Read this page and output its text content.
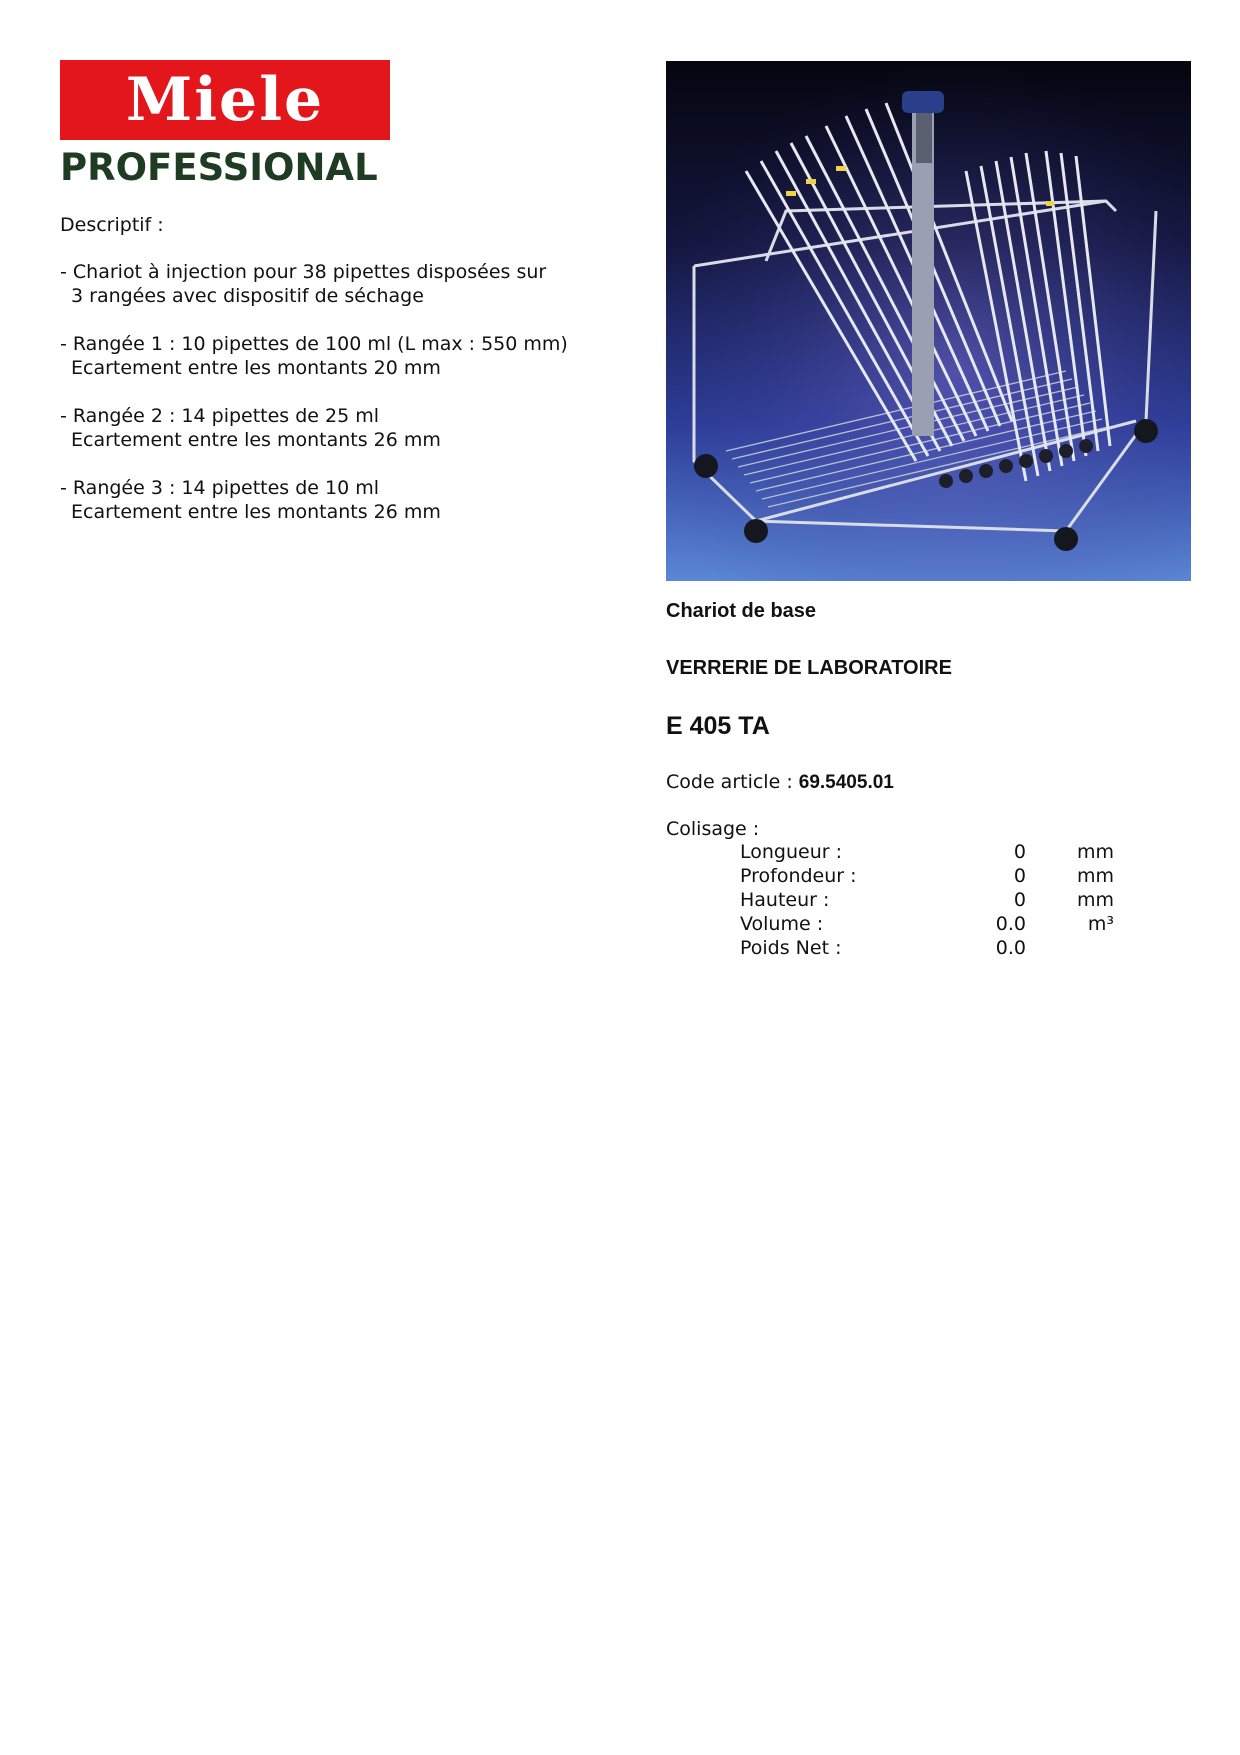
Miele
PROFESSIONAL
Descriptif :
- Chariot à injection pour 38 pipettes disposées sur
3 rangées avec dispositif de séchage
- Rangée 1 : 10 pipettes de 100 ml (L max : 550 mm)
Ecartement entre les montants 20 mm
- Rangée 2 : 14 pipettes de 25 ml
Ecartement entre les montants 26 mm
- Rangée 3 : 14 pipettes de 10 ml
Ecartement entre les montants 26 mm
Chariot de base
VERRERIE DE LABORATOIRE
E 405 TA
Code article : 69.5405.01
Colisage :
Longueur :	0	mm
Profondeur :	0	mm
Hauteur :	0	mm
Volume :	0.0	m³
Poids Net :	0.0	
